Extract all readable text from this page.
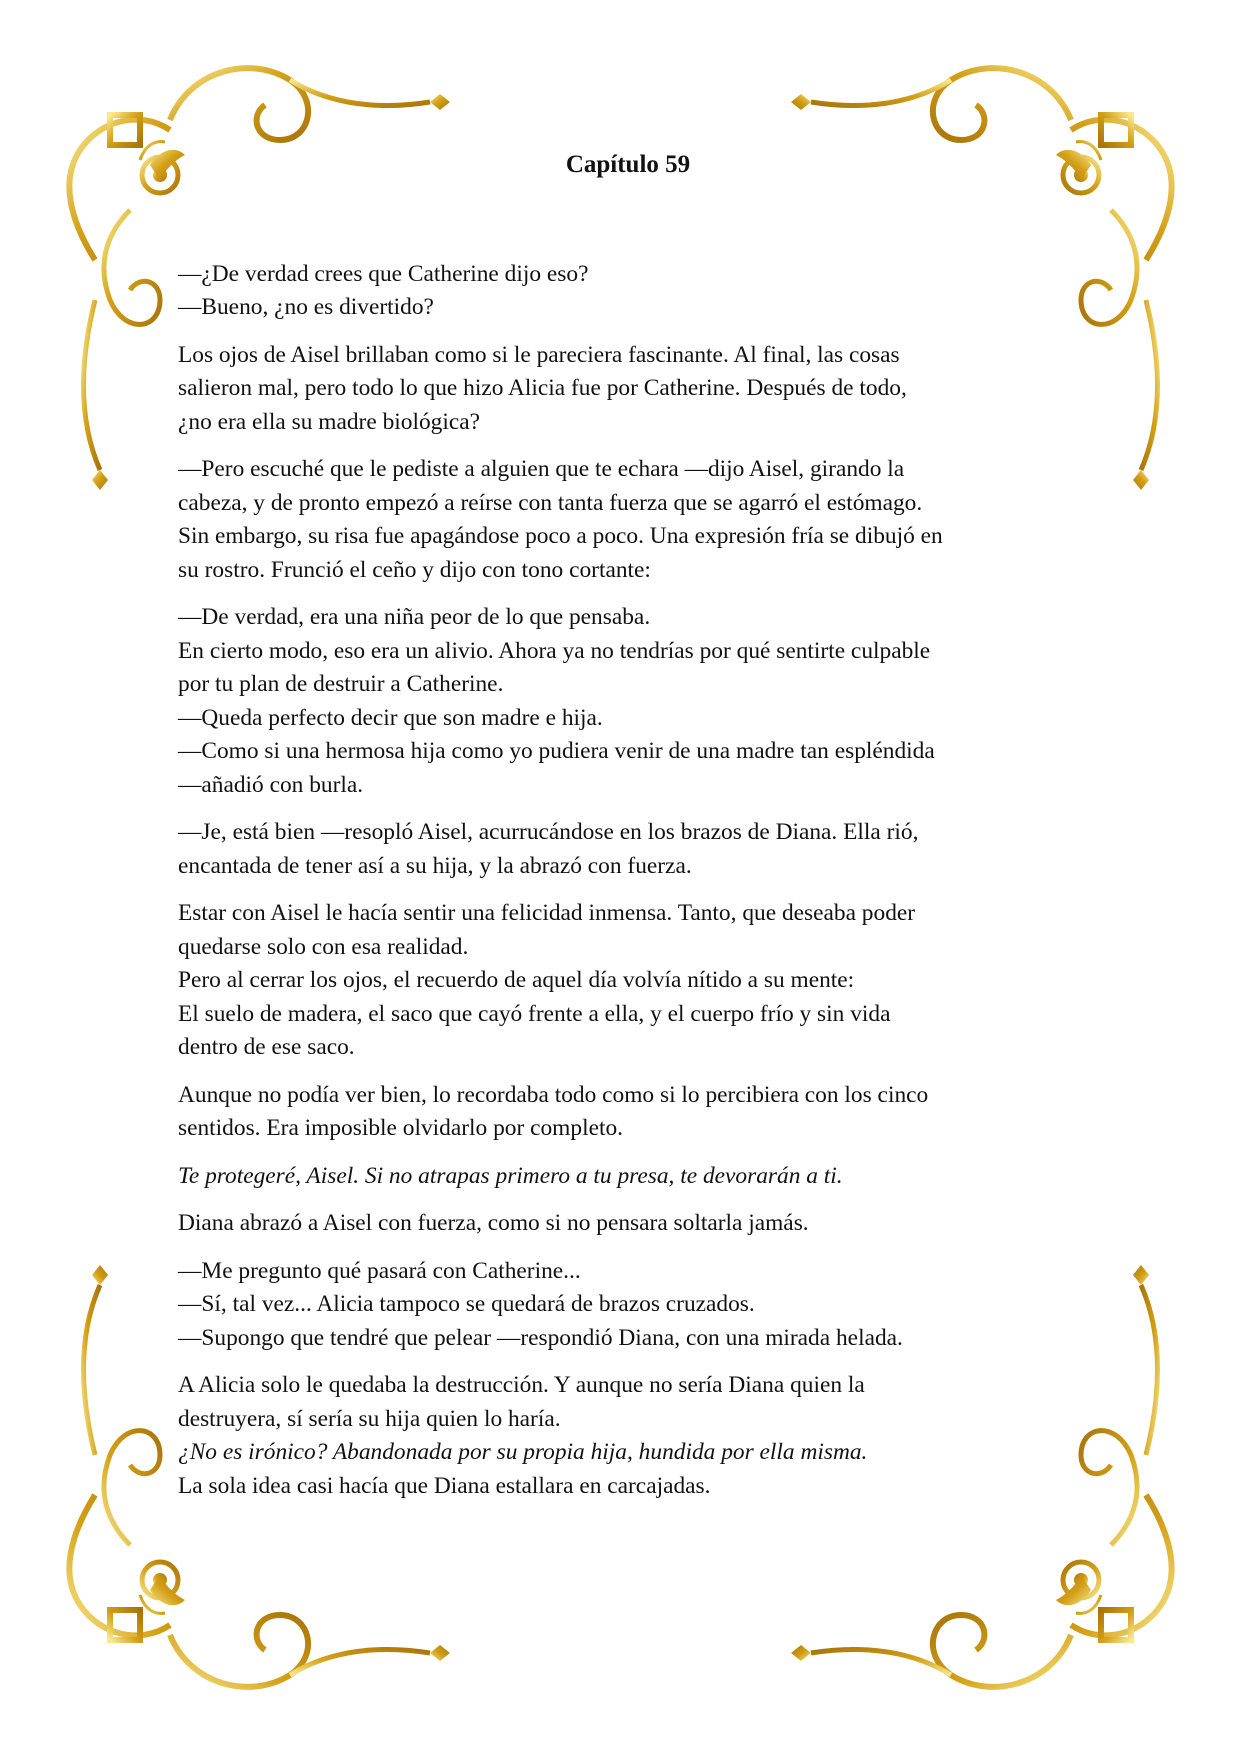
Capítulo 59
—¿De verdad crees que Catherine dijo eso?
—Bueno, ¿no es divertido?
Los ojos de Aisel brillaban como si le pareciera fascinante. Al final, las cosas
salieron mal, pero todo lo que hizo Alicia fue por Catherine. Después de todo,
¿no era ella su madre biológica?
—Pero escuché que le pediste a alguien que te echara —dijo Aisel, girando la
cabeza, y de pronto empezó a reírse con tanta fuerza que se agarró el estómago.
Sin embargo, su risa fue apagándose poco a poco. Una expresión fría se dibujó en
su rostro. Frunció el ceño y dijo con tono cortante:
—De verdad, era una niña peor de lo que pensaba.
En cierto modo, eso era un alivio. Ahora ya no tendrías por qué sentirte culpable
por tu plan de destruir a Catherine.
—Queda perfecto decir que son madre e hija.
—Como si una hermosa hija como yo pudiera venir de una madre tan espléndida
—añadió con burla.
—Je, está bien —resopló Aisel, acurrucándose en los brazos de Diana. Ella rió,
encantada de tener así a su hija, y la abrazó con fuerza.
Estar con Aisel le hacía sentir una felicidad inmensa. Tanto, que deseaba poder
quedarse solo con esa realidad.
Pero al cerrar los ojos, el recuerdo de aquel día volvía nítido a su mente:
El suelo de madera, el saco que cayó frente a ella, y el cuerpo frío y sin vida
dentro de ese saco.
Aunque no podía ver bien, lo recordaba todo como si lo percibiera con los cinco
sentidos. Era imposible olvidarlo por completo.
Te protegeré, Aisel. Si no atrapas primero a tu presa, te devorarán a ti.
Diana abrazó a Aisel con fuerza, como si no pensara soltarla jamás.
—Me pregunto qué pasará con Catherine...
—Sí, tal vez... Alicia tampoco se quedará de brazos cruzados.
—Supongo que tendré que pelear —respondió Diana, con una mirada helada.
A Alicia solo le quedaba la destrucción. Y aunque no sería Diana quien la
destruyera, sí sería su hija quien lo haría.
¿No es irónico? Abandonada por su propia hija, hundida por ella misma.
La sola idea casi hacía que Diana estallara en carcajadas.
